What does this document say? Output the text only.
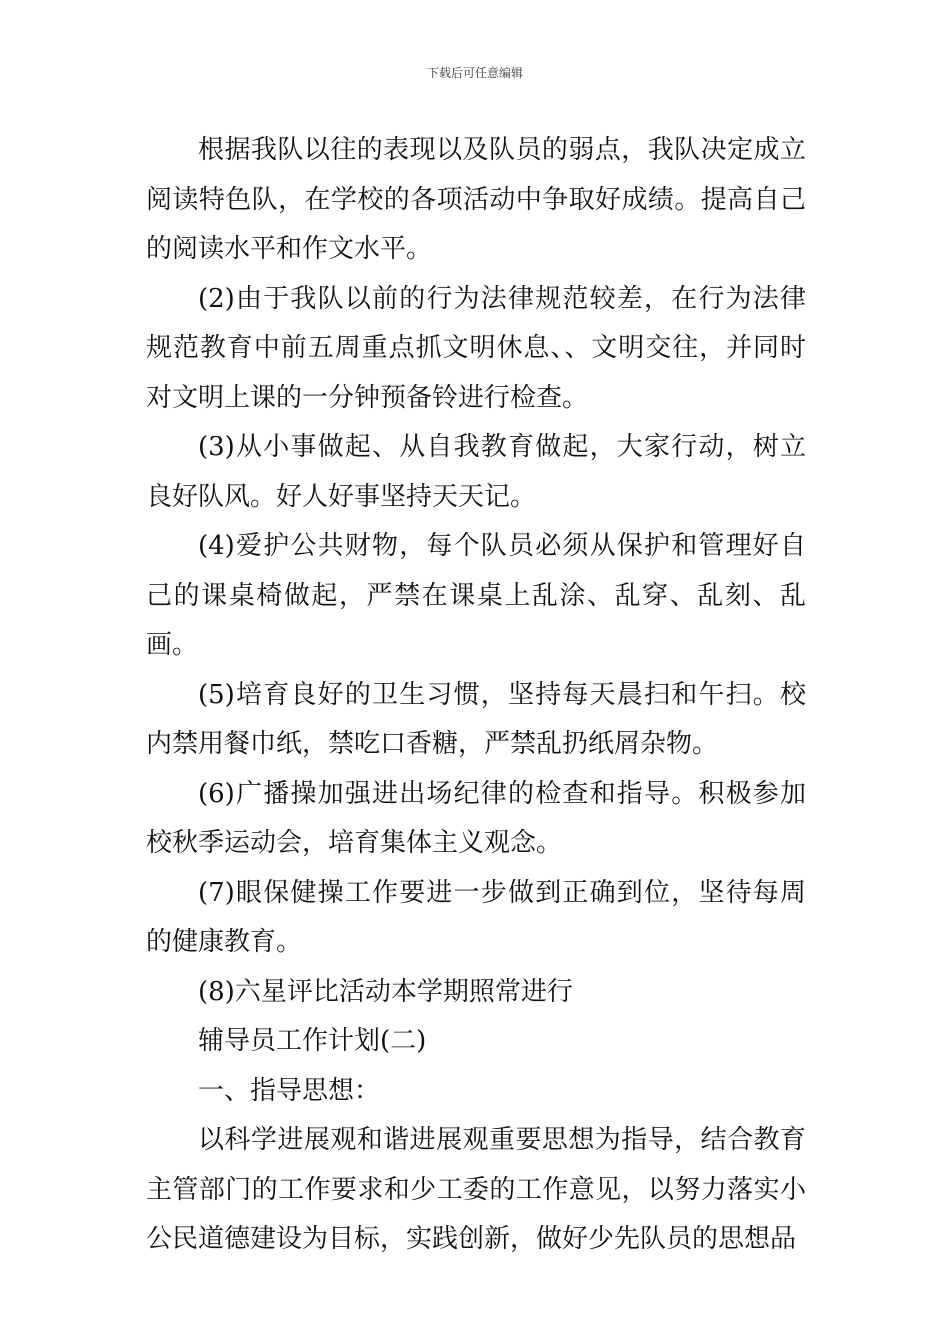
下载后可任意编辑

根据我队以往的表现以及队员的弱点，我队决定成立阅读特色队，在学校的各项活动中争取好成绩。提高自己的阅读水平和作文水平。

(2)由于我队以前的行为法律规范较差，在行为法律规范教育中前五周重点抓文明休息、、文明交往，并同时对文明上课的一分钟预备铃进行检查。

(3)从小事做起、从自我教育做起，大家行动，树立良好队风。好人好事坚持天天记。

(4)爱护公共财物，每个队员必须从保护和管理好自己的课桌椅做起，严禁在课桌上乱涂、乱穿、乱刻、乱画。

(5)培育良好的卫生习惯，坚持每天晨扫和午扫。校内禁用餐巾纸，禁吃口香糖，严禁乱扔纸屑杂物。

(6)广播操加强进出场纪律的检查和指导。积极参加校秋季运动会，培育集体主义观念。

(7)眼保健操工作要进一步做到正确到位，坚待每周的健康教育。

(8)六星评比活动本学期照常进行

辅导员工作计划(二)

一、指导思想：

以科学进展观和谐进展观重要思想为指导，结合教育主管部门的工作要求和少工委的工作意见，以努力落实小公民道德建设为目标，实践创新，做好少先队员的思想品
